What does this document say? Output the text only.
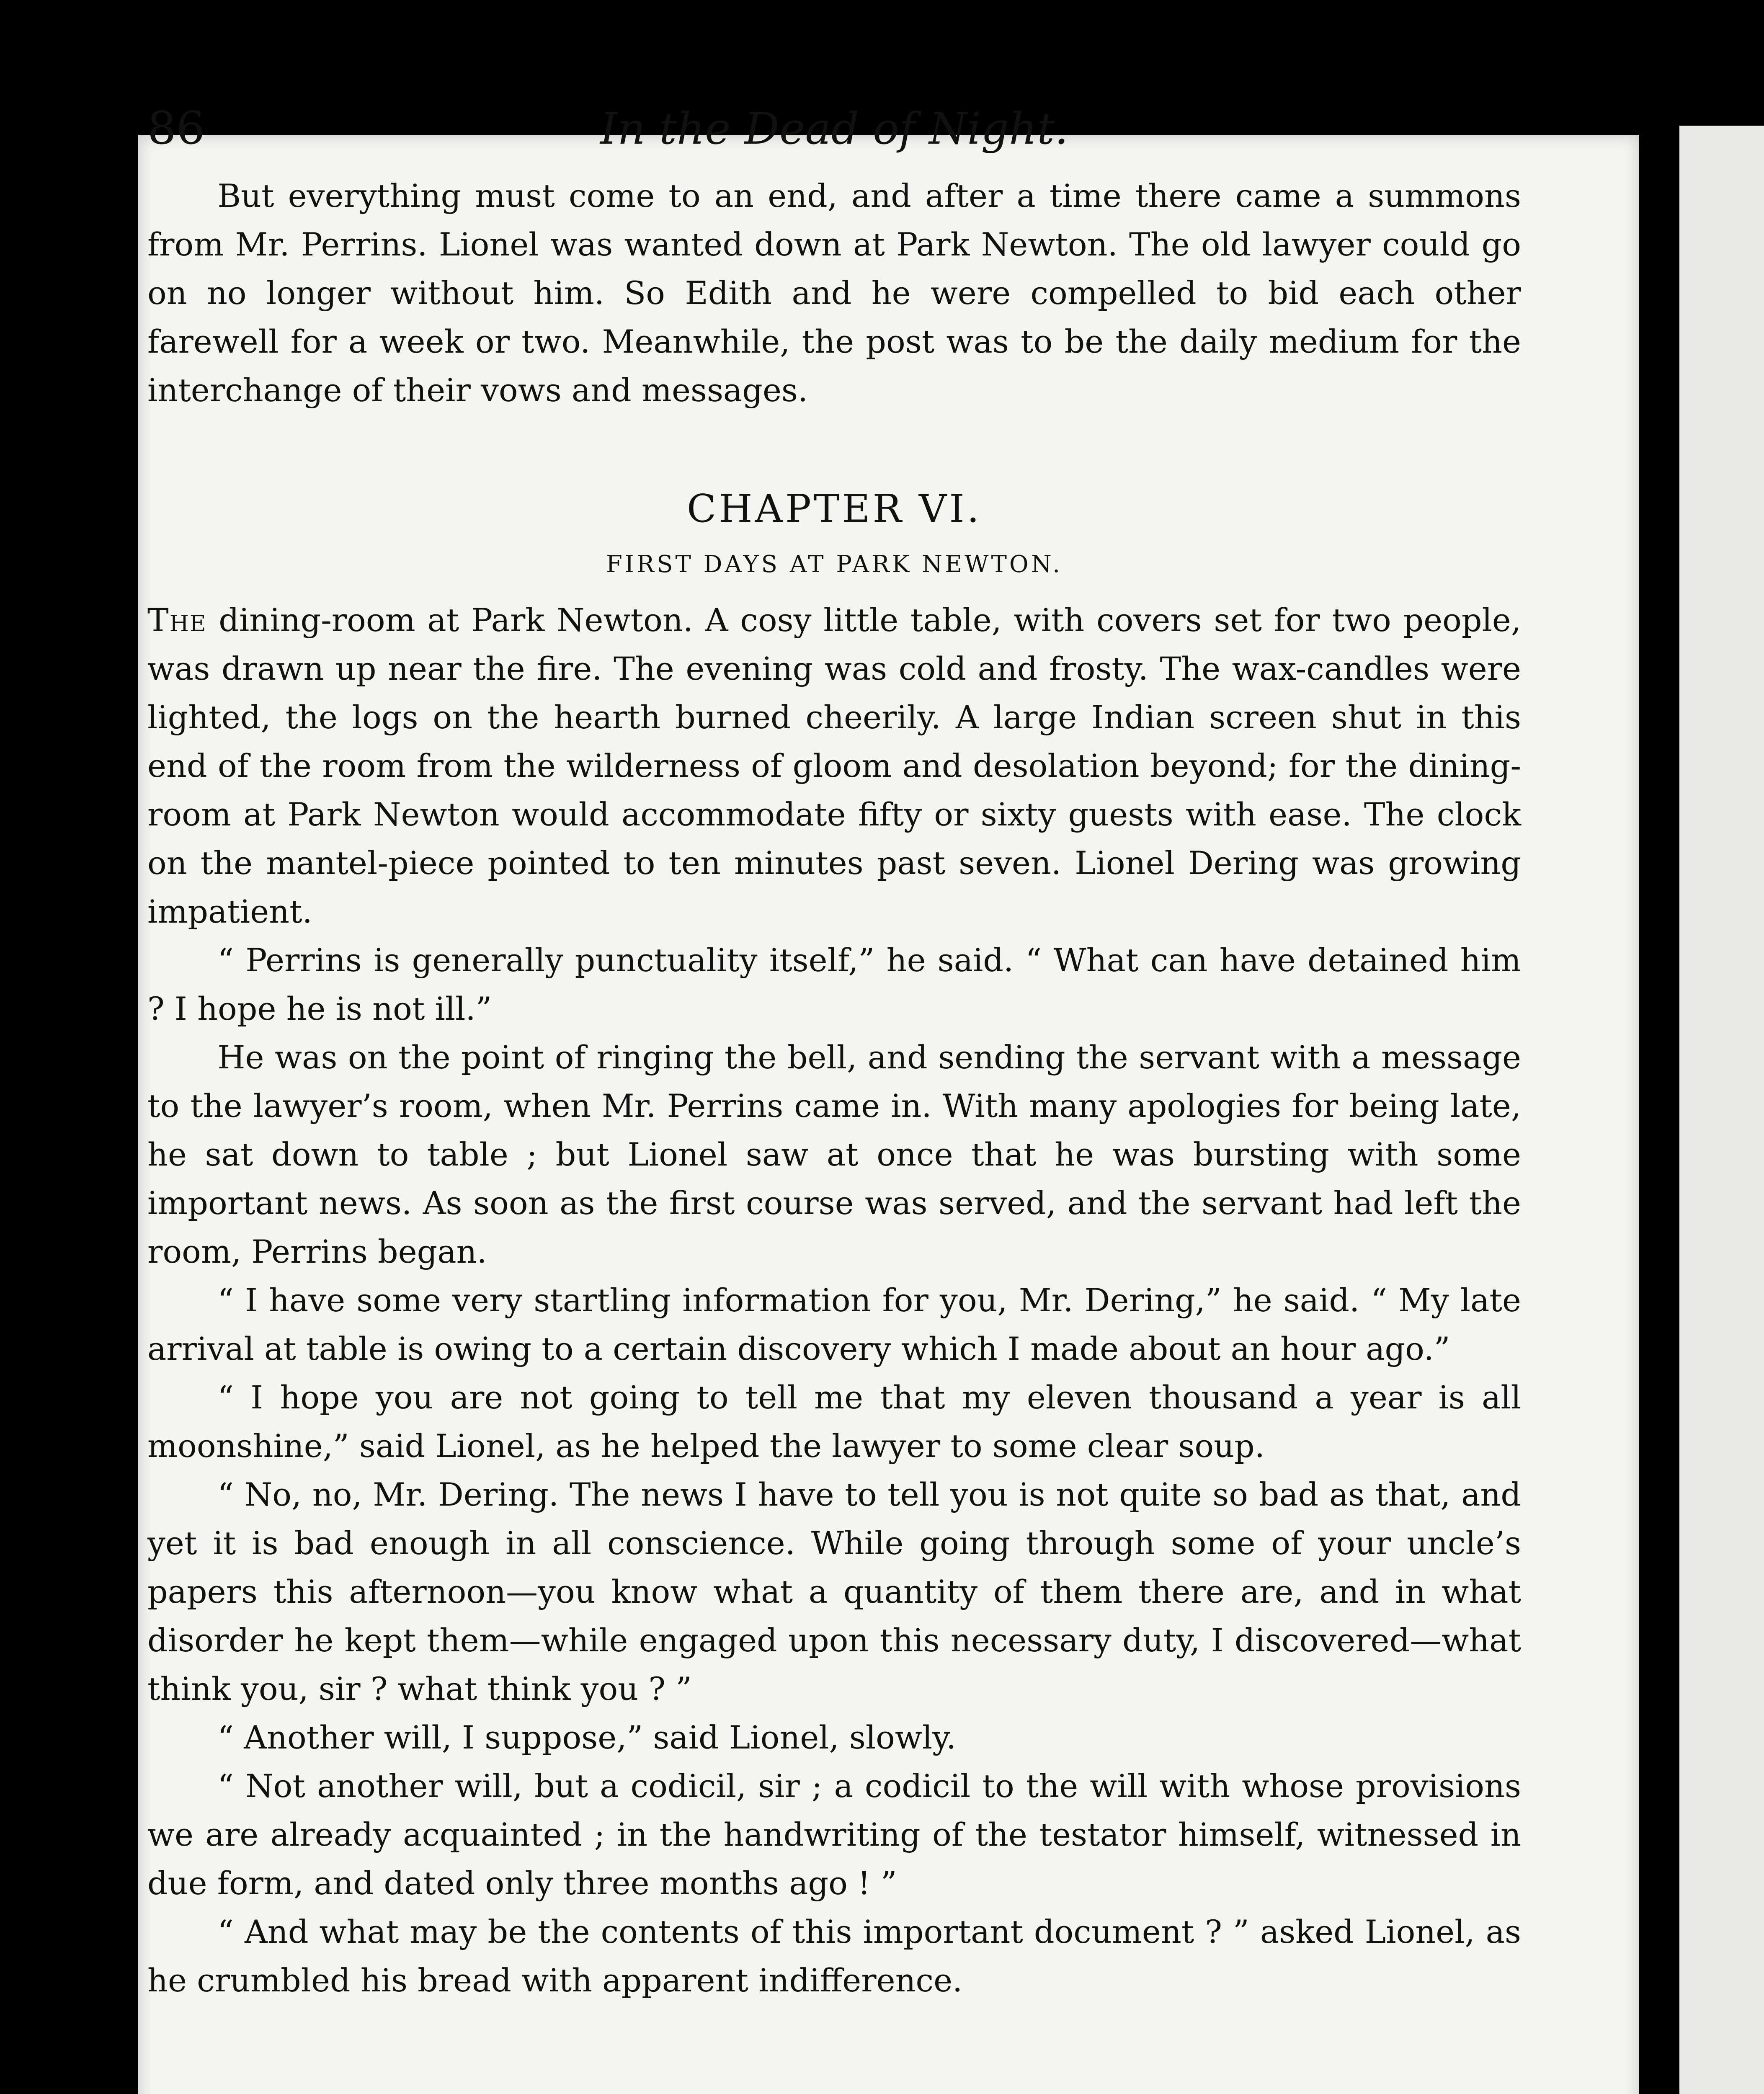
86	In the Dead of Night.

But everything must come to an end, and after a time there came a summons from Mr. Perrins. Lionel was wanted down at Park Newton. The old lawyer could go on no longer without him. So Edith and he were compelled to bid each other farewell for a week or two. Meanwhile, the post was to be the daily medium for the interchange of their vows and messages.

CHAPTER VI.
FIRST DAYS AT PARK NEWTON.

The dining-room at Park Newton. A cosy little table, with covers set for two people, was drawn up near the fire. The evening was cold and frosty. The wax-candles were lighted, the logs on the hearth burned cheerily. A large Indian screen shut in this end of the room from the wilderness of gloom and desolation beyond; for the dining-room at Park Newton would accommodate fifty or sixty guests with ease. The clock on the mantel-piece pointed to ten minutes past seven. Lionel Dering was growing impatient.

“ Perrins is generally punctuality itself,” he said. “ What can have detained him ? I hope he is not ill.”

He was on the point of ringing the bell, and sending the servant with a message to the lawyer’s room, when Mr. Perrins came in. With many apologies for being late, he sat down to table ; but Lionel saw at once that he was bursting with some important news. As soon as the first course was served, and the servant had left the room, Perrins began.

“ I have some very startling information for you, Mr. Dering,” he said. “ My late arrival at table is owing to a certain discovery which I made about an hour ago.”

“ I hope you are not going to tell me that my eleven thousand a year is all moonshine,” said Lionel, as he helped the lawyer to some clear soup.

“ No, no, Mr. Dering. The news I have to tell you is not quite so bad as that, and yet it is bad enough in all conscience. While going through some of your uncle’s papers this afternoon—you know what a quantity of them there are, and in what disorder he kept them—while engaged upon this necessary duty, I discovered—what think you, sir ? what think you ? ”

“ Another will, I suppose,” said Lionel, slowly.

“ Not another will, but a codicil, sir ; a codicil to the will with whose provisions we are already acquainted ; in the handwriting of the testator himself, witnessed in due form, and dated only three months ago ! ”

“ And what may be the contents of this important document ? ” asked Lionel, as he crumbled his bread with apparent indifference.
